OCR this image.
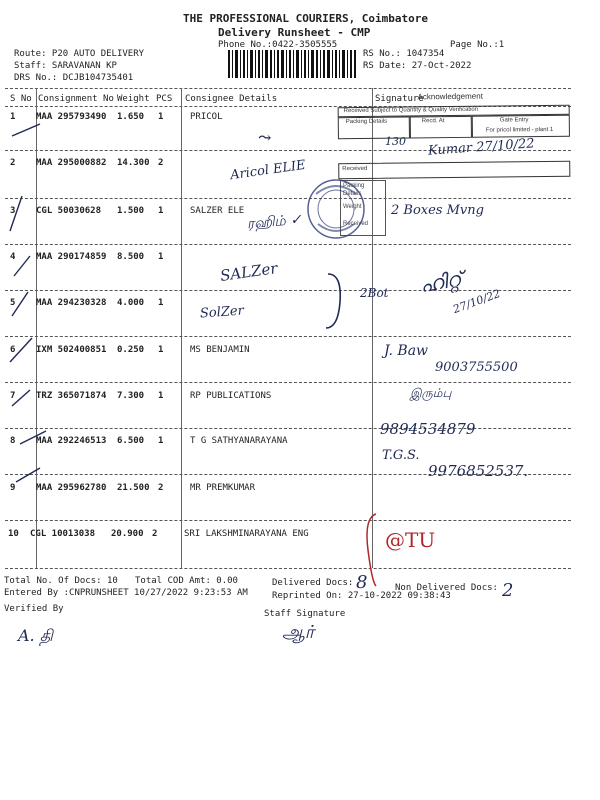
THE PROFESSIONAL COURIERS, Coimbatore
Delivery Runsheet - CMP
Phone No.:0422-3505555	Page No.:1
Route: P20 AUTO DELIVERY
Staff: SARAVANAN KP
DRS No.: DCJB104735401
RS No.: 1047354
RS Date: 27-Oct-2022
S No Consignment No Weight PCS Consignee Details	Signature
1 MAA 295793490 1.650 1	PRICOL
2 MAA 295000882 14.300 2
3 CGL 50030628 1.500 1	SALZER ELE
4 MAA 290174859 8.500 1
5 MAA 294230328 4.000 1
6 IXM 502400851 0.250 1	MS BENJAMIN
7 TRZ 365071874 7.300 1	RP PUBLICATIONS
8 MAA 292246513 6.500 1	T G SATHYANARAYANA
9 MAA 295962780 21.500 2	MR PREMKUMAR
10 CGL 10013038 20.900 2	SRI LAKSHMINARAYANA ENG
Total No. Of Docs: 10 Total COD Amt: 0.00	Delivered Docs:	Non Delivered Docs:
Entered By :CNPRUNSHEET 10/27/2022 9:23:53 AM	Reprinted On: 27-10-2022 09:38:43
Verified By	Staff Signature
Acknowledgement
Received Subject to Quantity & Quality Verification
Packing Details	Recd. At	Gate Entry
For pricol limited - plant 1
Received
Packing
Details
Weight
Received
⤳
Aricol ELIE
ரஹிம் ✓
2 Boxes Mvng
130 Kumar 27/10/22
SALZer
SolZer
2Bot ഹിറ്റ്
27/10/22
J. Baw
9003755500
இரும்பு
9894534879
T.G.S.
9976852537.
@TU
8	2
A. தி	ஆர்
